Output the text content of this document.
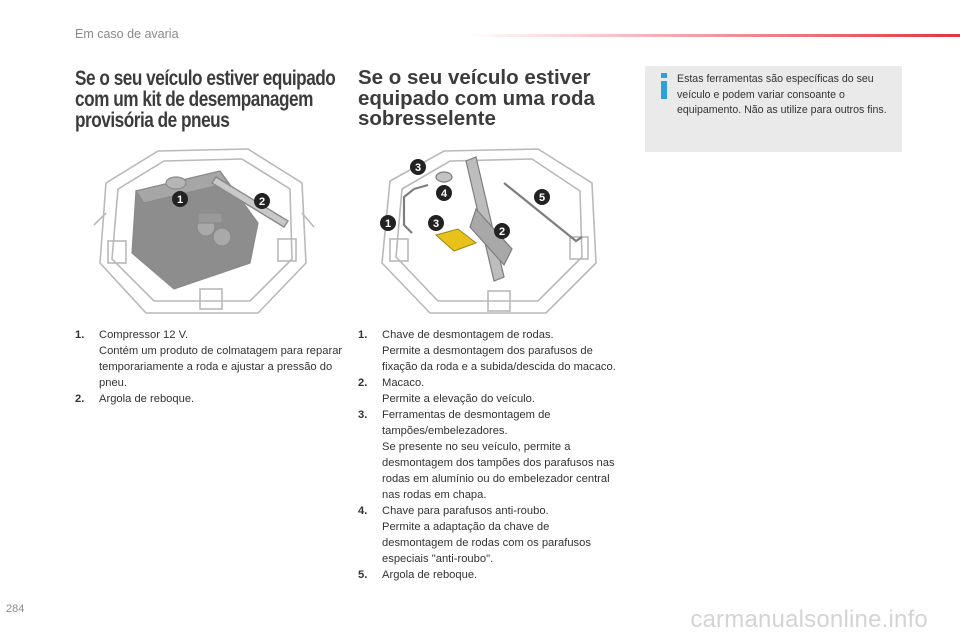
Em caso de avaria
Se o seu veículo estiver equipado com um kit de desempanagem provisória de pneus
Se o seu veículo estiver equipado com uma roda sobresselente
Estas ferramentas são específicas do seu veículo e podem variar consoante o equipamento. Não as utilize para outros fins.
1	2
3
4
1	3
2
5
1.	Compressor 12 V.
Contém um produto de colmatagem para reparar temporariamente a roda e ajustar a pressão do pneu.
2.	Argola de reboque.
1.	Chave de desmontagem de rodas.
Permite a desmontagem dos parafusos de fixação da roda e a subida/descida do macaco.
2.	Macaco.
Permite a elevação do veículo.
3.	Ferramentas de desmontagem de tampões/embelezadores.
Se presente no seu veículo, permite a desmontagem dos tampões dos parafusos nas rodas em alumínio ou do embelezador central nas rodas em chapa.
4.	Chave para parafusos anti-roubo.
Permite a adaptação da chave de desmontagem de rodas com os parafusos especiais "anti-roubo".
5.	Argola de reboque.
284	carmanualsonline.info
